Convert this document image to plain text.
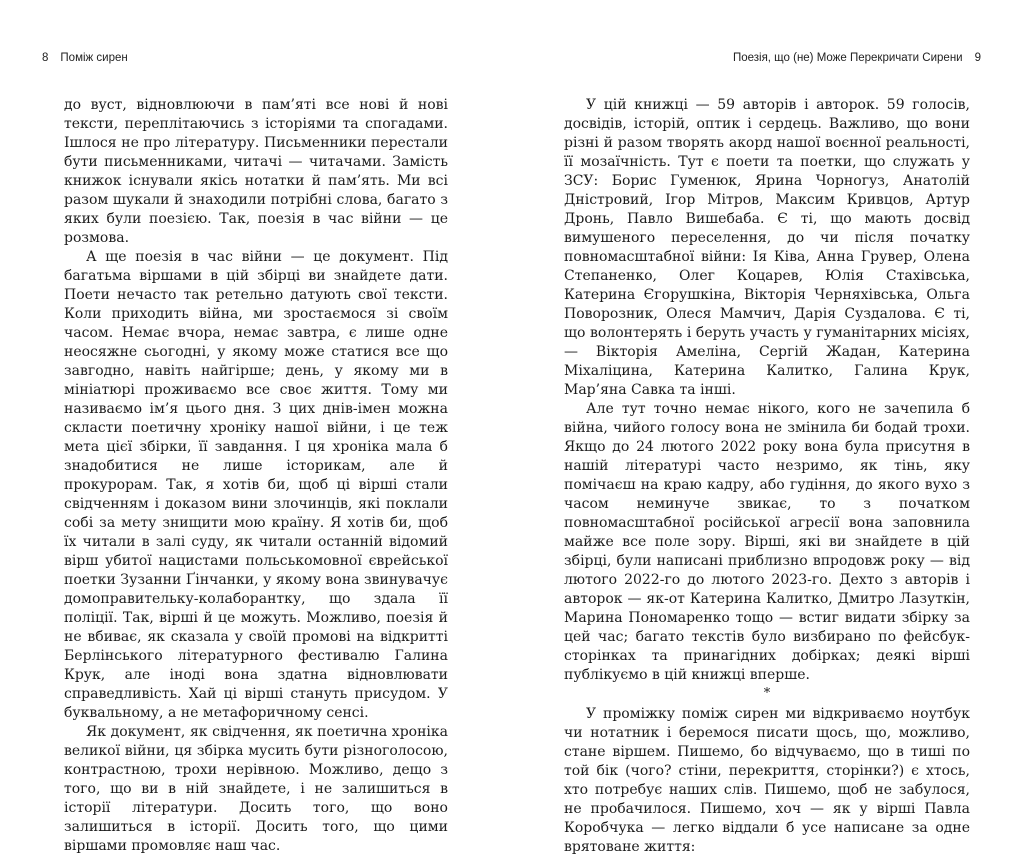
8 Поміж сирен

до вуст, відновлюючи в пам’яті все нові й нові тексти, переплітаючись з історіями та спогадами. Ішлося не про літературу. Письменники перестали бути письменниками, читачі — читачами. Замість книжок існували якісь нотатки й пам’ять. Ми всі разом шукали й знаходили потрібні слова, багато з яких були поезією. Так, поезія в час війни — це розмова.

А ще поезія в час війни — це документ. Під багатьма віршами в цій збірці ви знайдете дати. Поети нечасто так ретельно датують свої тексти. Коли приходить війна, ми зростаємося зі своїм часом. Немає вчора, немає завтра, є лише одне неосяжне сьогодні, у якому може статися все що завгодно, навіть найгірше; день, у якому ми в мініатюрі проживаємо все своє життя. Тому ми називаємо ім’я цього дня. З цих днів-імен можна скласти поетичну хроніку нашої війни, і це теж мета цієї збірки, її завдання. І ця хроніка мала б знадобитися не лише історикам, але й прокурорам. Так, я хотів би, щоб ці вірші стали свідченням і доказом вини злочинців, які поклали собі за мету знищити мою країну. Я хотів би, щоб їх читали в залі суду, як читали останній відомий вірш убитої нацистами польськомовної єврейської поетки Зузанни Ґінчанки, у якому вона звинувачує домоправительку-колаборантку, що здала її поліції. Так, вірші й це можуть. Можливо, поезія й не вбиває, як сказала у своїй промові на відкритті Берлінського літературного фестивалю Галина Крук, але іноді вона здатна відновлювати справедливість. Хай ці вірші стануть присудом. У буквальному, а не метафоричному сенсі.

Як документ, як свідчення, як поетична хроніка великої війни, ця збірка мусить бути різноголосою, контрастною, трохи нерівною. Можливо, дещо з того, що ви в ній знайдете, і не залишиться в історії літератури. Досить того, що воно залишиться в історії. Досить того, що цими віршами промовляє наш час.

Поезія, що (не) Може Перекричати Сирени 9

У цій книжці — 59 авторів і авторок. 59 голосів, досвідів, історій, оптик і сердець. Важливо, що вони різні й разом творять акорд нашої воєнної реальності, її мозаїчність. Тут є поети та поетки, що служать у ЗСУ: Борис Гуменюк, Ярина Чорногуз, Анатолій Дністровий, Ігор Мітров, Максим Кривцов, Артур Дронь, Павло Вишебаба. Є ті, що мають досвід вимушеного переселення, до чи після початку повномасштабної війни: Ія Ківа, Анна Грувер, Олена Степаненко, Олег Коцарев, Юлія Стахівська, Катерина Єгорушкіна, Вікторія Черняхівська, Ольга Поворозник, Олеся Мамчич, Дарія Суздалова. Є ті, що волонтерять і беруть участь у гуманітарних місіях, — Вікторія Амеліна, Сергій Жадан, Катерина Міхаліцина, Катерина Калитко, Галина Крук, Мар’яна Савка та інші.

Але тут точно немає нікого, кого не зачепила б війна, чийого голосу вона не змінила би бодай трохи. Якщо до 24 лютого 2022 року вона була присутня в нашій літературі часто незримо, як тінь, яку помічаєш на краю кадру, або гудіння, до якого вухо з часом неминуче звикає, то з початком повномасштабної російської агресії вона заповнила майже все поле зору. Вірші, які ви знайдете в цій збірці, були написані приблизно впродовж року — від лютого 2022-го до лютого 2023-го. Дехто з авторів і авторок — як-от Катерина Калитко, Дмитро Лазуткін, Марина Пономаренко тощо — встиг видати збірку за цей час; багато текстів було визбирано по фейсбук-сторінках та принагідних добірках; деякі вірші публікуємо в цій книжці вперше.

*

У проміжку поміж сирен ми відкриваємо ноутбук чи нотатник і беремося писати щось, що, можливо, стане віршем. Пишемо, бо відчуваємо, що в тиші по той бік (чого? стіни, перекриття, сторінки?) є хтось, хто потребує наших слів. Пишемо, щоб не забулося, не пробачилося. Пишемо, хоч — як у вірші Павла Коробчука — легко віддали б усе написане за одне врятоване життя:
